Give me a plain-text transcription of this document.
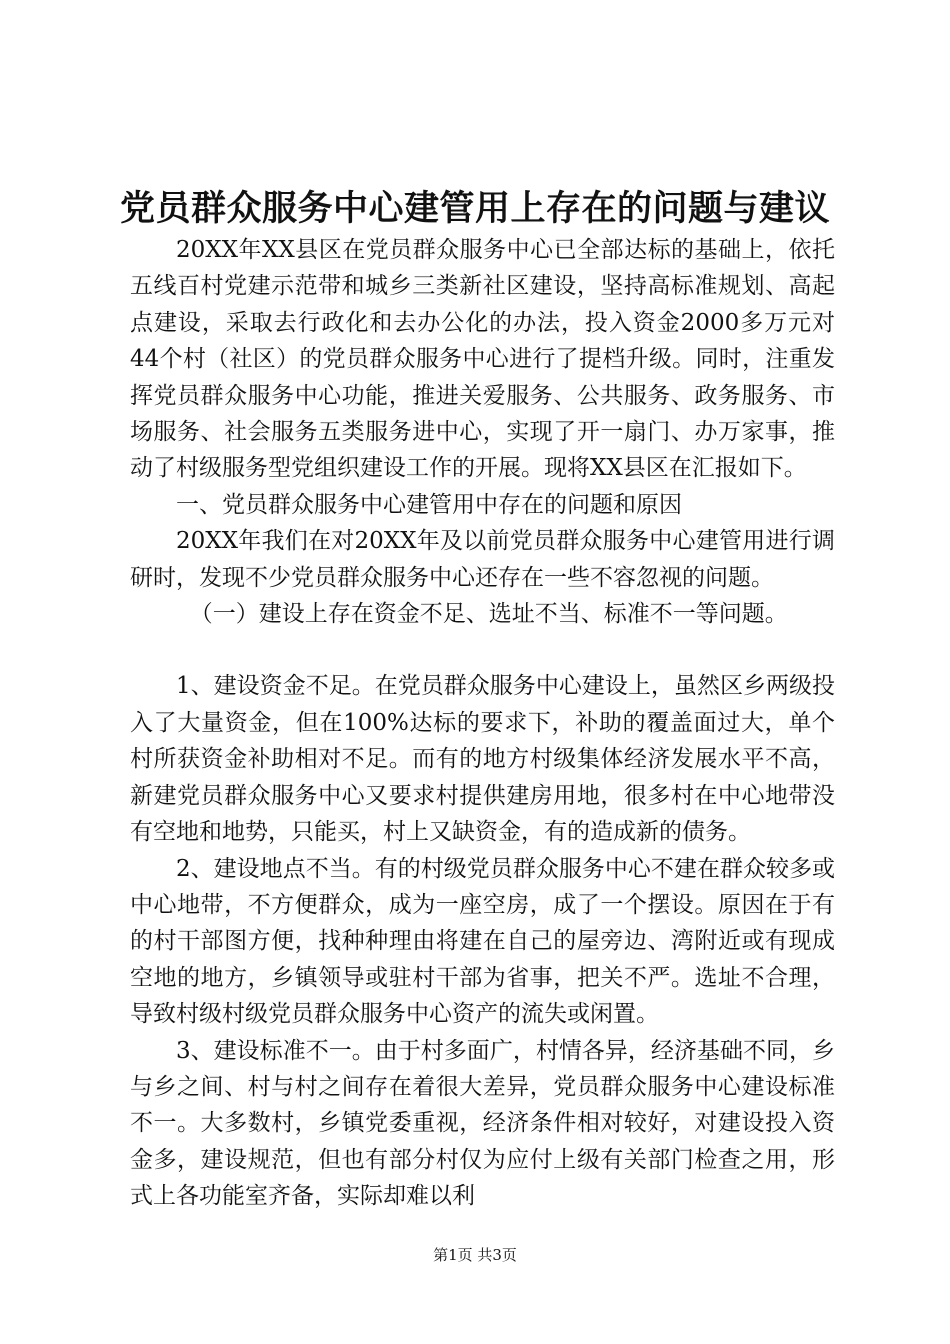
党员群众服务中心建管用上存在的问题与建议

20XX年XX县区在党员群众服务中心已全部达标的基础上，依托五线百村党建示范带和城乡三类新社区建设，坚持高标准规划、高起点建设，采取去行政化和去办公化的办法，投入资金2000多万元对44个村（社区）的党员群众服务中心进行了提档升级。同时，注重发挥党员群众服务中心功能，推进关爱服务、公共服务、政务服务、市场服务、社会服务五类服务进中心，实现了开一扇门、办万家事，推动了村级服务型党组织建设工作的开展。现将XX县区在汇报如下。

一、党员群众服务中心建管用中存在的问题和原因

20XX年我们在对20XX年及以前党员群众服务中心建管用进行调研时，发现不少党员群众服务中心还存在一些不容忽视的问题。

（一）建设上存在资金不足、选址不当、标准不一等问题。

1、建设资金不足。在党员群众服务中心建设上，虽然区乡两级投入了大量资金，但在100%达标的要求下，补助的覆盖面过大，单个村所获资金补助相对不足。而有的地方村级集体经济发展水平不高，新建党员群众服务中心又要求村提供建房用地，很多村在中心地带没有空地和地势，只能买，村上又缺资金，有的造成新的债务。

2、建设地点不当。有的村级党员群众服务中心不建在群众较多或中心地带，不方便群众，成为一座空房，成了一个摆设。原因在于有的村干部图方便，找种种理由将建在自己的屋旁边、湾附近或有现成空地的地方，乡镇领导或驻村干部为省事，把关不严。选址不合理，导致村级村级党员群众服务中心资产的流失或闲置。

3、建设标准不一。由于村多面广，村情各异，经济基础不同，乡与乡之间、村与村之间存在着很大差异，党员群众服务中心建设标准不一。大多数村，乡镇党委重视，经济条件相对较好，对建设投入资金多，建设规范，但也有部分村仅为应付上级有关部门检查之用，形式上各功能室齐备，实际却难以利

第1页 共3页
